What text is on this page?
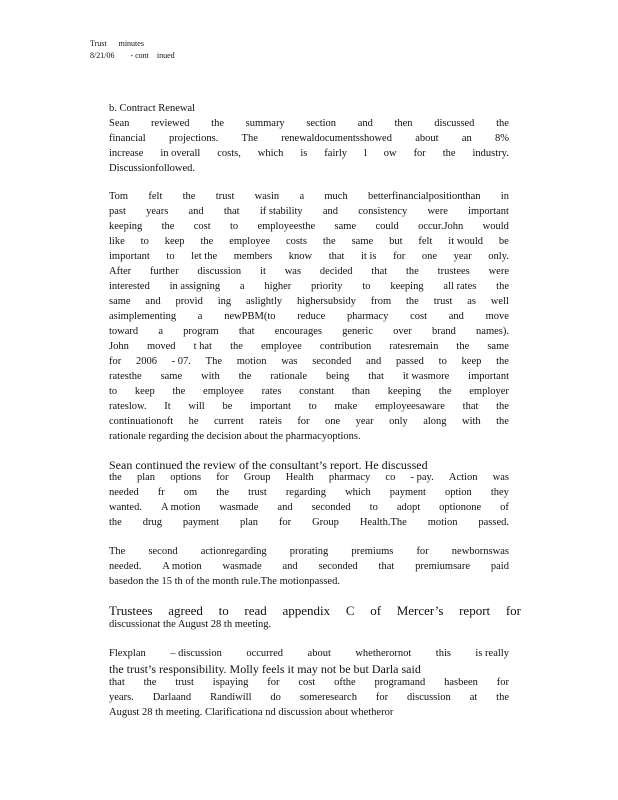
Trust      minutes
8/21/06        - cont    inued
b. Contract Renewal
Sean reviewed the summary section and then discussed the
financial projections. The renewaldocumentsshowed about an 8%
increase in overall costs, which is fairly l ow for the industry.
Discussionfollowed.
Tom felt the trust wasin a much betterfinancialpositionthan in
past years and that if stability and consistency were important
keeping the cost to employeesthe same could occur.John would
like to keep the employee costs the same but felt it would be
important to let the members know that it is for one year only.
After further discussion it was decided that the trustees were
interested in assigning a higher priority to keeping all rates the
same and provid ing aslightly highersubsidy from the trust as well
asimplementing a newPBM(to reduce pharmacy cost and move
toward a program that encourages generic over brand names).
John moved t hat the employee contribution ratesremain the same
for 2006 - 07. The motion was seconded and passed to keep the
ratesthe same with the rationale being that it wasmore important
to keep the employee rates constant than keeping the employer
rateslow. It will be important to make employeesaware that the
continuationoft he current rateis for one year only along with the
rationale regarding the decision about the pharmacyoptions.
Sean continued the review of the consultant’s report. He discussed
the plan options for Group Health pharmacy co - pay. Action was
needed fr om the trust regarding which payment option they
wanted. A motion wasmade and seconded to adopt optionone of
the drug payment plan for Group Health.The motion passed.
The second actionregarding prorating premiums for newbornswas
needed. A motion wasmade and seconded that premiumsare paid
basedon the 15 th of the month rule.The motionpassed.
Trustees agreed to read appendix C of Mercer’s report for
discussionat the August 28 th meeting.
Flexplan – discussion occurred about whetherornot this is really
the trust’s responsibility. Molly feels it may not be but Darla said
that the trust ispaying for cost ofthe programand hasbeen for
years. Darlaand Randiwill do someresearch for discussion at the
August 28 th meeting. Clarificationa nd discussion about whetheror
